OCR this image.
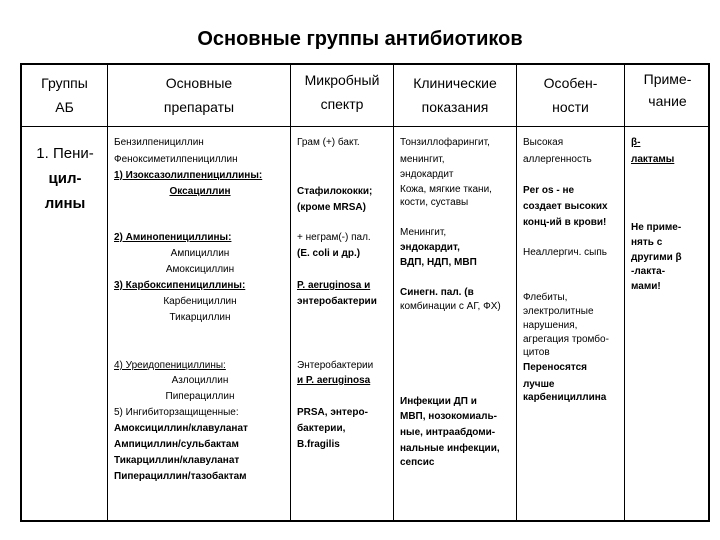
Основные группы антибиотиков
Группы
АБ
Основные
препараты
Микробный
спектр
Клинические
показания
Особен-
ности
Приме-
чание
1. Пени-
цил-
лины
Бензилпенициллин
Феноксиметилпенициллин
1) Изоксазолилпенициллины:
Оксациллин
2) Аминопенициллины:
Ампициллин
Амоксициллин
3) Карбоксипенициллины:
Карбенициллин
Тикарциллин
4) Уреидопенициллины:
Азлоциллин
Пиперациллин
5) Ингибиторзащищенные:
Амоксициллин/клавуланат
Ампициллин/сульбактам
Тикарциллин/клавуланат
Пиперациллин/тазобактам
Грам (+) бакт.
Стафилококки;
(кроме MRSA)
+ неграм(-) пал.
(E. coli и др.)
P. aeruginosa и
энтеробактерии
Энтеробактерии
и P. aeruginosa
PRSA, энтеро-
бактерии,
B.fragilis
Тонзиллофарингит,
менингит,
эндокардит
Кожа, мягкие ткани,
кости, суставы
Менингит,
эндокардит,
ВДП, НДП, МВП
Синегн. пал. (в
комбинации с АГ, ФХ)
Инфекции ДП и
МВП, нозокомиаль-
ные, интраабдоми-
нальные инфекции,
сепсис
Высокая
аллергенность
Per os - не
создает высоких
конц-ий в крови!
Неаллергич. сыпь
Флебиты,
электролитные
нарушения,
агрегация тромбо-
цитов
Переносятся
лучше
карбенициллина
β-
лактамы
Не приме-
нять с
другими β
-лакта-
мами!
